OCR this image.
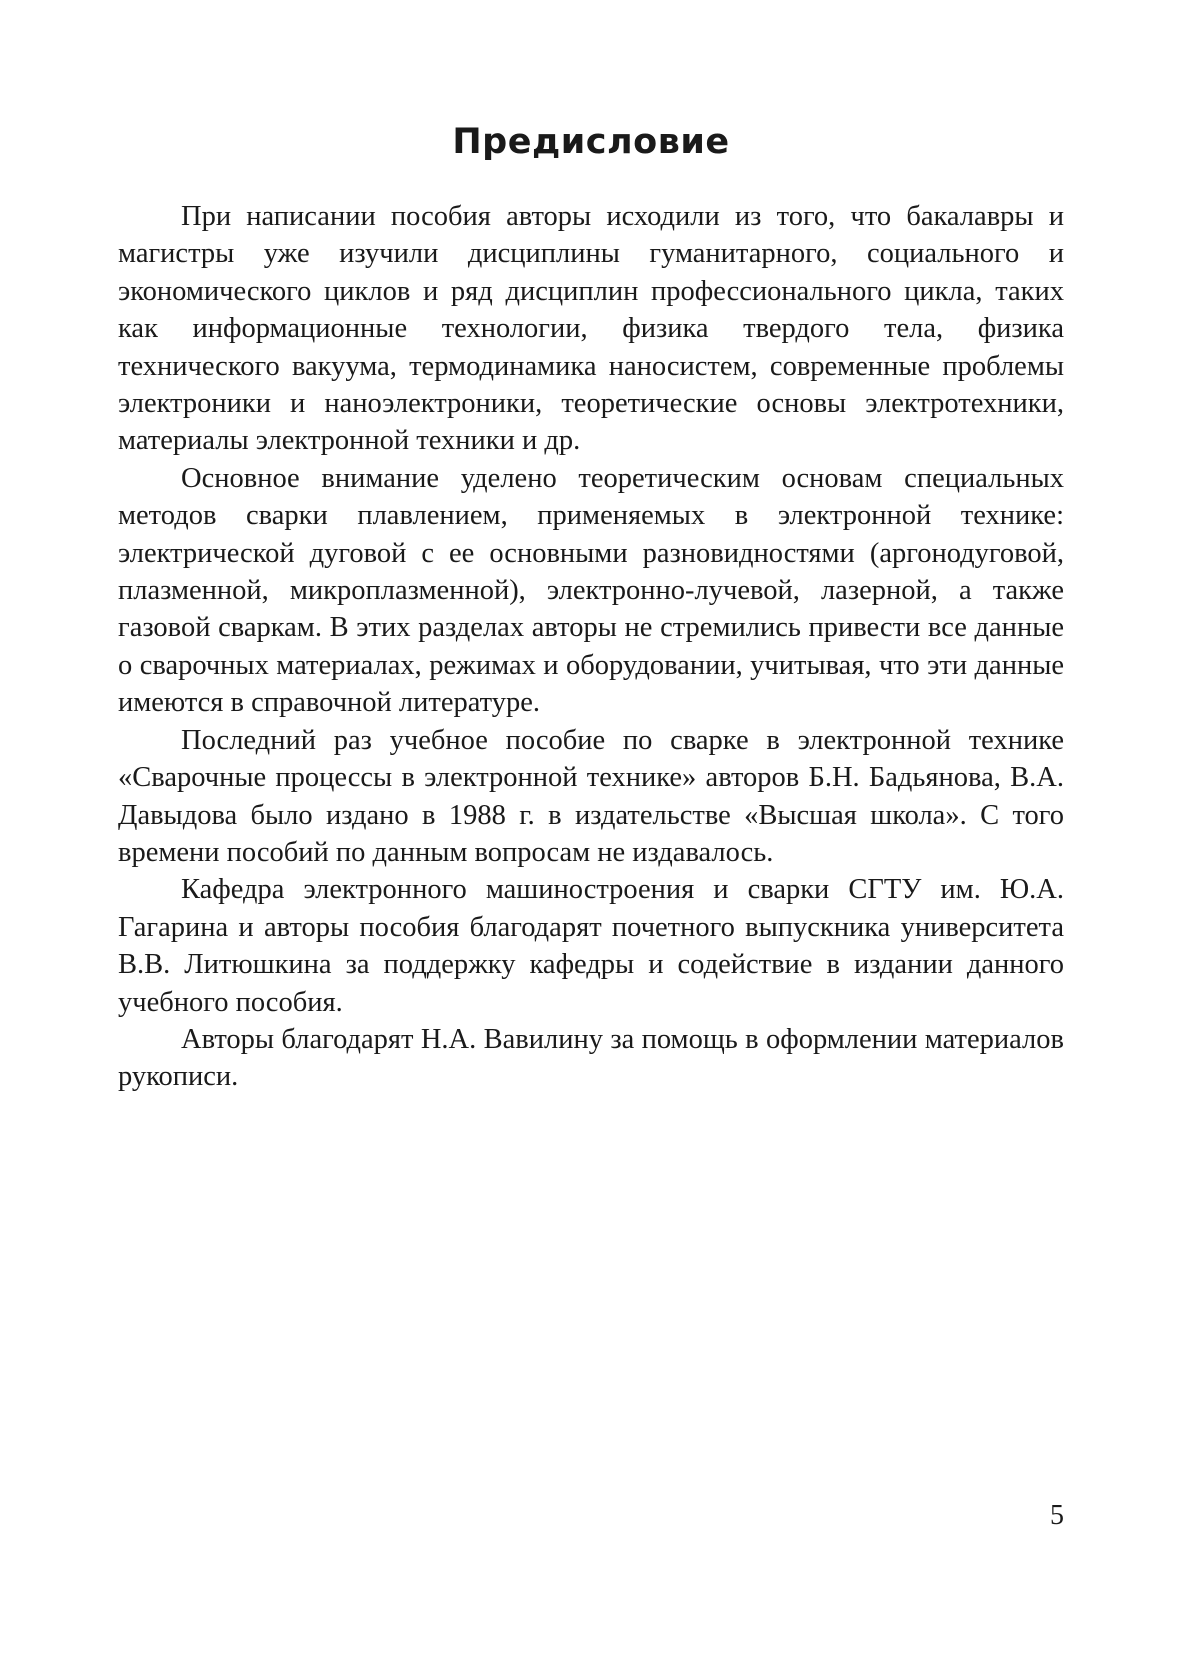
Предисловие

При написании пособия авторы исходили из того, что бакалавры и магистры уже изучили дисциплины гуманитарного, социального и экономического циклов и ряд дисциплин профессионального цикла, таких как информационные технологии, физика твердого тела, физика технического вакуума, термодинамика наносистем, современные проблемы электроники и наноэлектроники, теоретические основы электротехники, материалы электронной техники и др.

Основное внимание уделено теоретическим основам специальных методов сварки плавлением, применяемых в электронной технике: электрической дуговой с ее основными разновидностями (аргонодуговой, плазменной, микроплазменной), электронно-лучевой, лазерной, а также газовой сваркам. В этих разделах авторы не стремились привести все данные о сварочных материалах, режимах и оборудовании, учитывая, что эти данные имеются в справочной литературе.

Последний раз учебное пособие по сварке в электронной технике «Сварочные процессы в электронной технике» авторов Б.Н. Бадьянова, В.А. Давыдова было издано в 1988 г. в издательстве «Высшая школа». С того времени пособий по данным вопросам не издавалось.

Кафедра электронного машиностроения и сварки СГТУ им. Ю.А. Гагарина и авторы пособия благодарят почетного выпускника университета В.В. Литюшкина за поддержку кафедры и содействие в издании данного учебного пособия.

Авторы благодарят Н.А. Вавилину за помощь в оформлении материалов рукописи.

5
